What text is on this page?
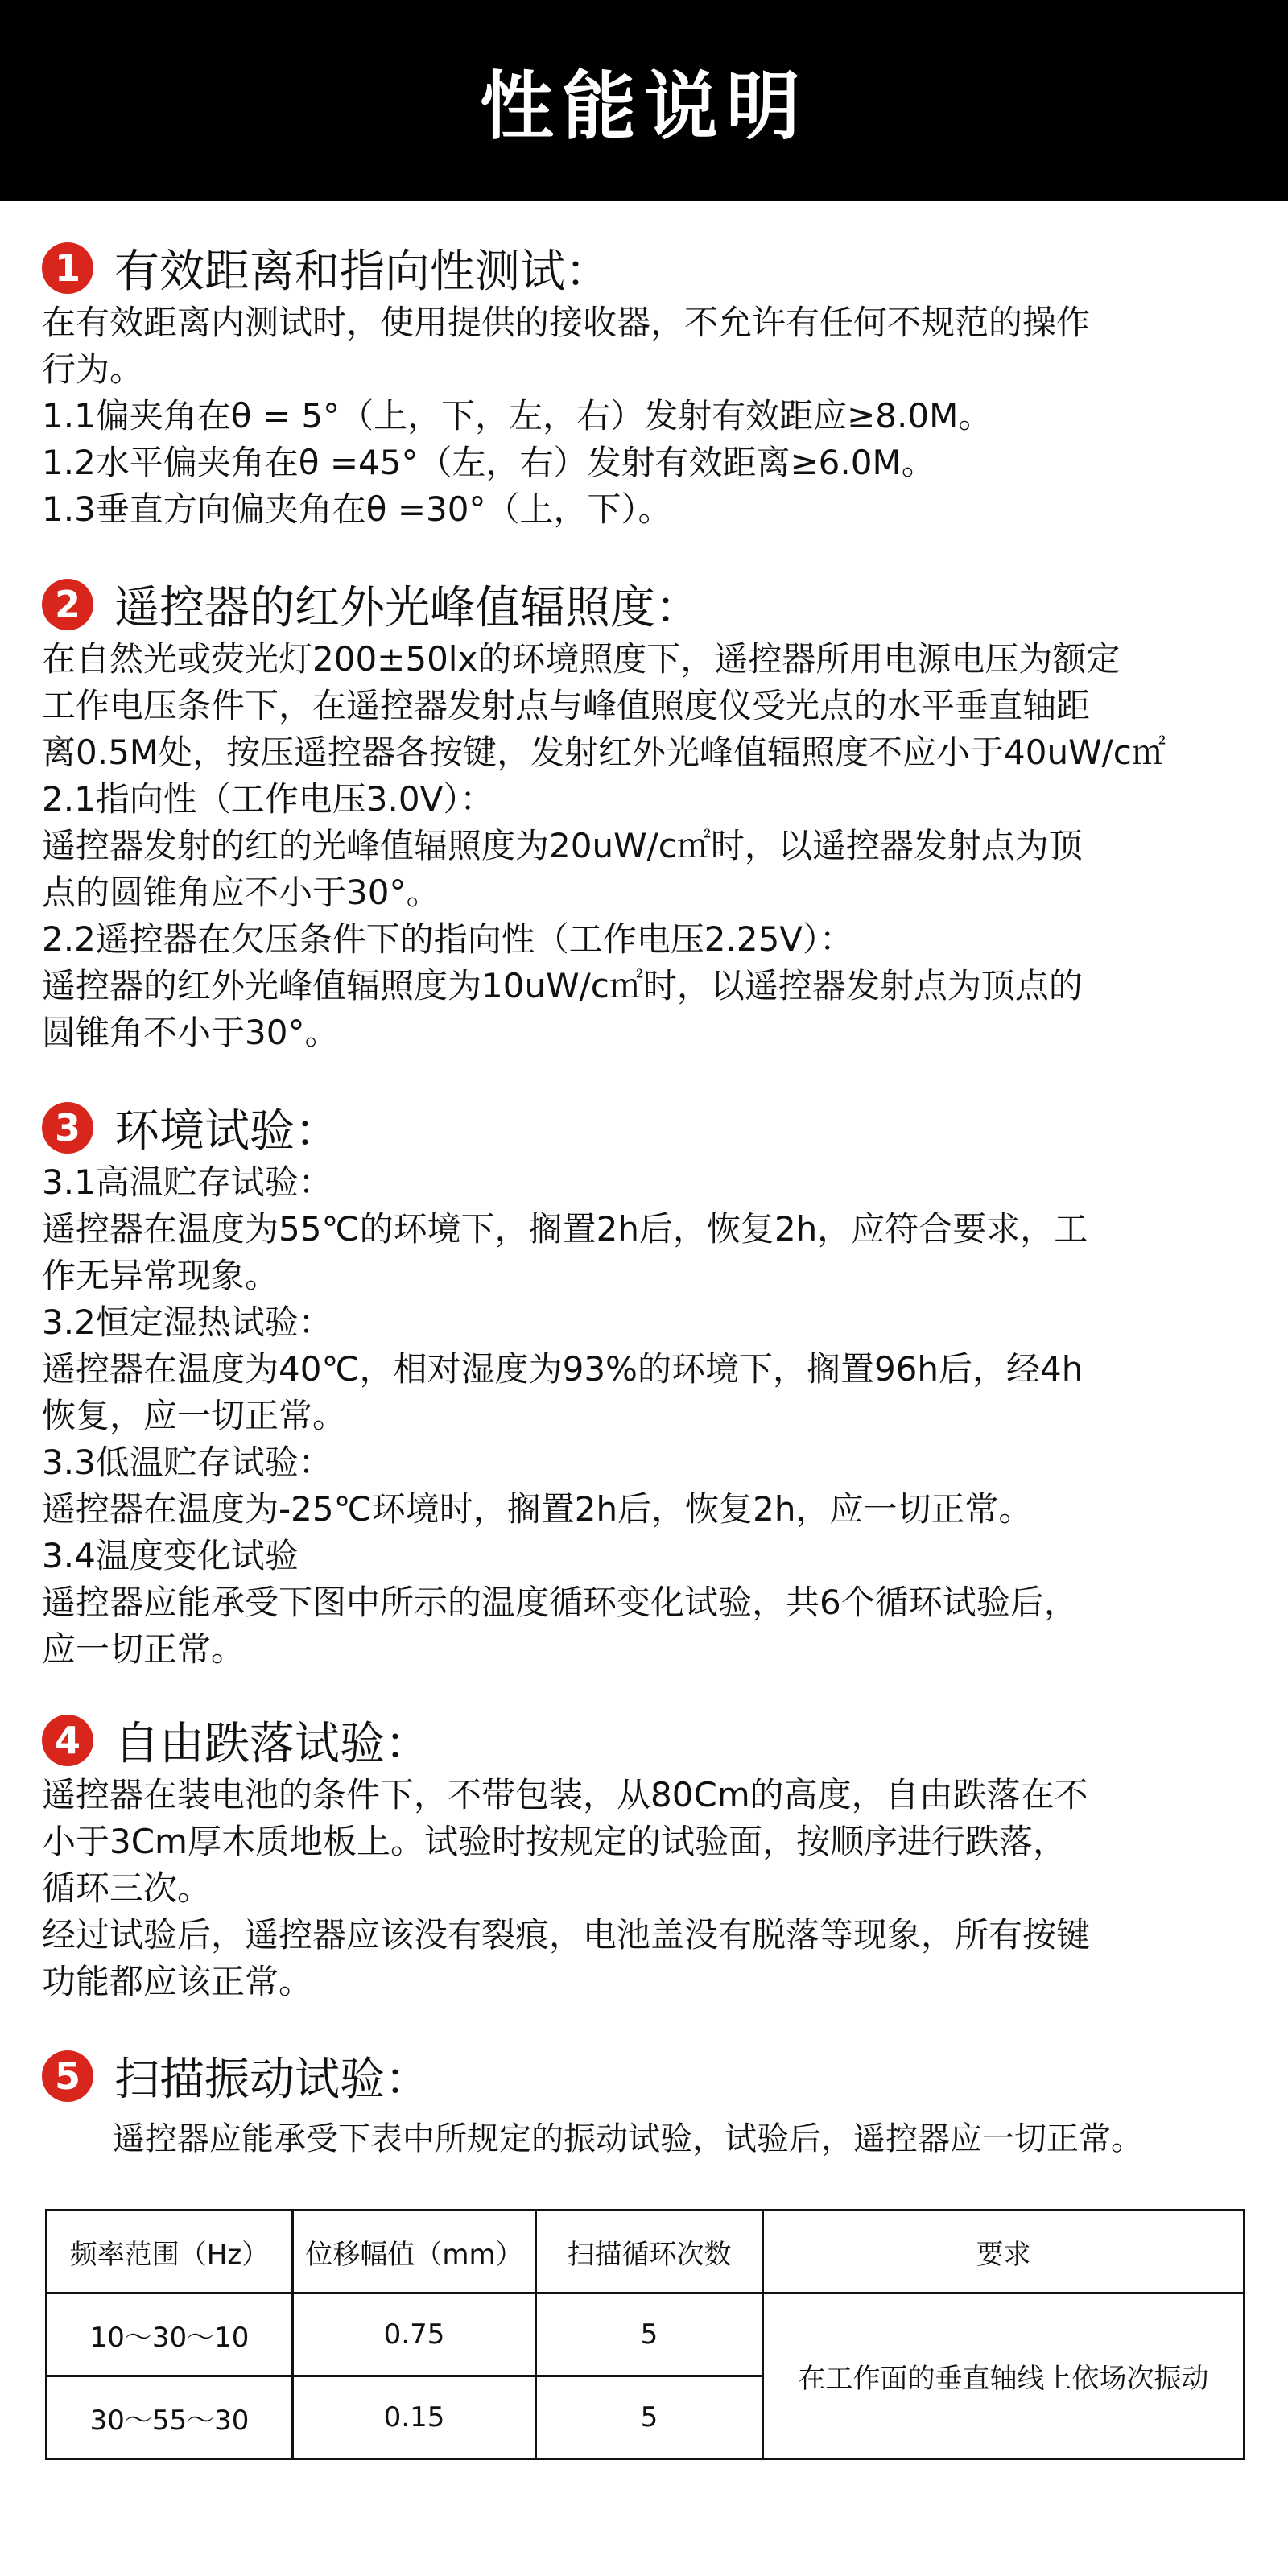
性能说明
1 有效距离和指向性测试：
在有效距离内测试时，使用提供的接收器，不允许有任何不规范的操作
行为。
1.1偏夹角在θ = 5°（上，下，左，右）发射有效距应≥8.0M。
1.2水平偏夹角在θ =45°（左，右）发射有效距离≥6.0M。
1.3垂直方向偏夹角在θ =30°（上，下）。
2 遥控器的红外光峰值辐照度：
在自然光或荧光灯200±50lx的环境照度下，遥控器所用电源电压为额定
工作电压条件下，在遥控器发射点与峰值照度仪受光点的水平垂直轴距
离0.5M处，按压遥控器各按键，发射红外光峰值辐照度不应小于40uW/c㎡
2.1指向性（工作电压3.0V）：
遥控器发射的红的光峰值辐照度为20uW/c㎡时，以遥控器发射点为顶
点的圆锥角应不小于30°。
2.2遥控器在欠压条件下的指向性（工作电压2.25V）：
遥控器的红外光峰值辐照度为10uW/c㎡时，以遥控器发射点为顶点的
圆锥角不小于30°。
3 环境试验：
3.1高温贮存试验：
遥控器在温度为55℃的环境下，搁置2h后，恢复2h，应符合要求，工
作无异常现象。
3.2恒定湿热试验：
遥控器在温度为40℃，相对湿度为93%的环境下，搁置96h后，经4h
恢复，应一切正常。
3.3低温贮存试验：
遥控器在温度为-25℃环境时，搁置2h后，恢复2h，应一切正常。
3.4温度变化试验
遥控器应能承受下图中所示的温度循环变化试验，共6个循环试验后，
应一切正常。
4 自由跌落试验：
遥控器在装电池的条件下，不带包装，从80Cm的高度，自由跌落在不
小于3Cm厚木质地板上。试验时按规定的试验面，按顺序进行跌落，
循环三次。
经过试验后，遥控器应该没有裂痕，电池盖没有脱落等现象，所有按键
功能都应该正常。
5 扫描振动试验：
遥控器应能承受下表中所规定的振动试验，试验后，遥控器应一切正常。
频率范围（Hz）	位移幅值（mm）	扫描循环次数	要求
10～30～10	0.75	5	在工作面的垂直轴线上依场次振动
30～55～30	0.15	5	
